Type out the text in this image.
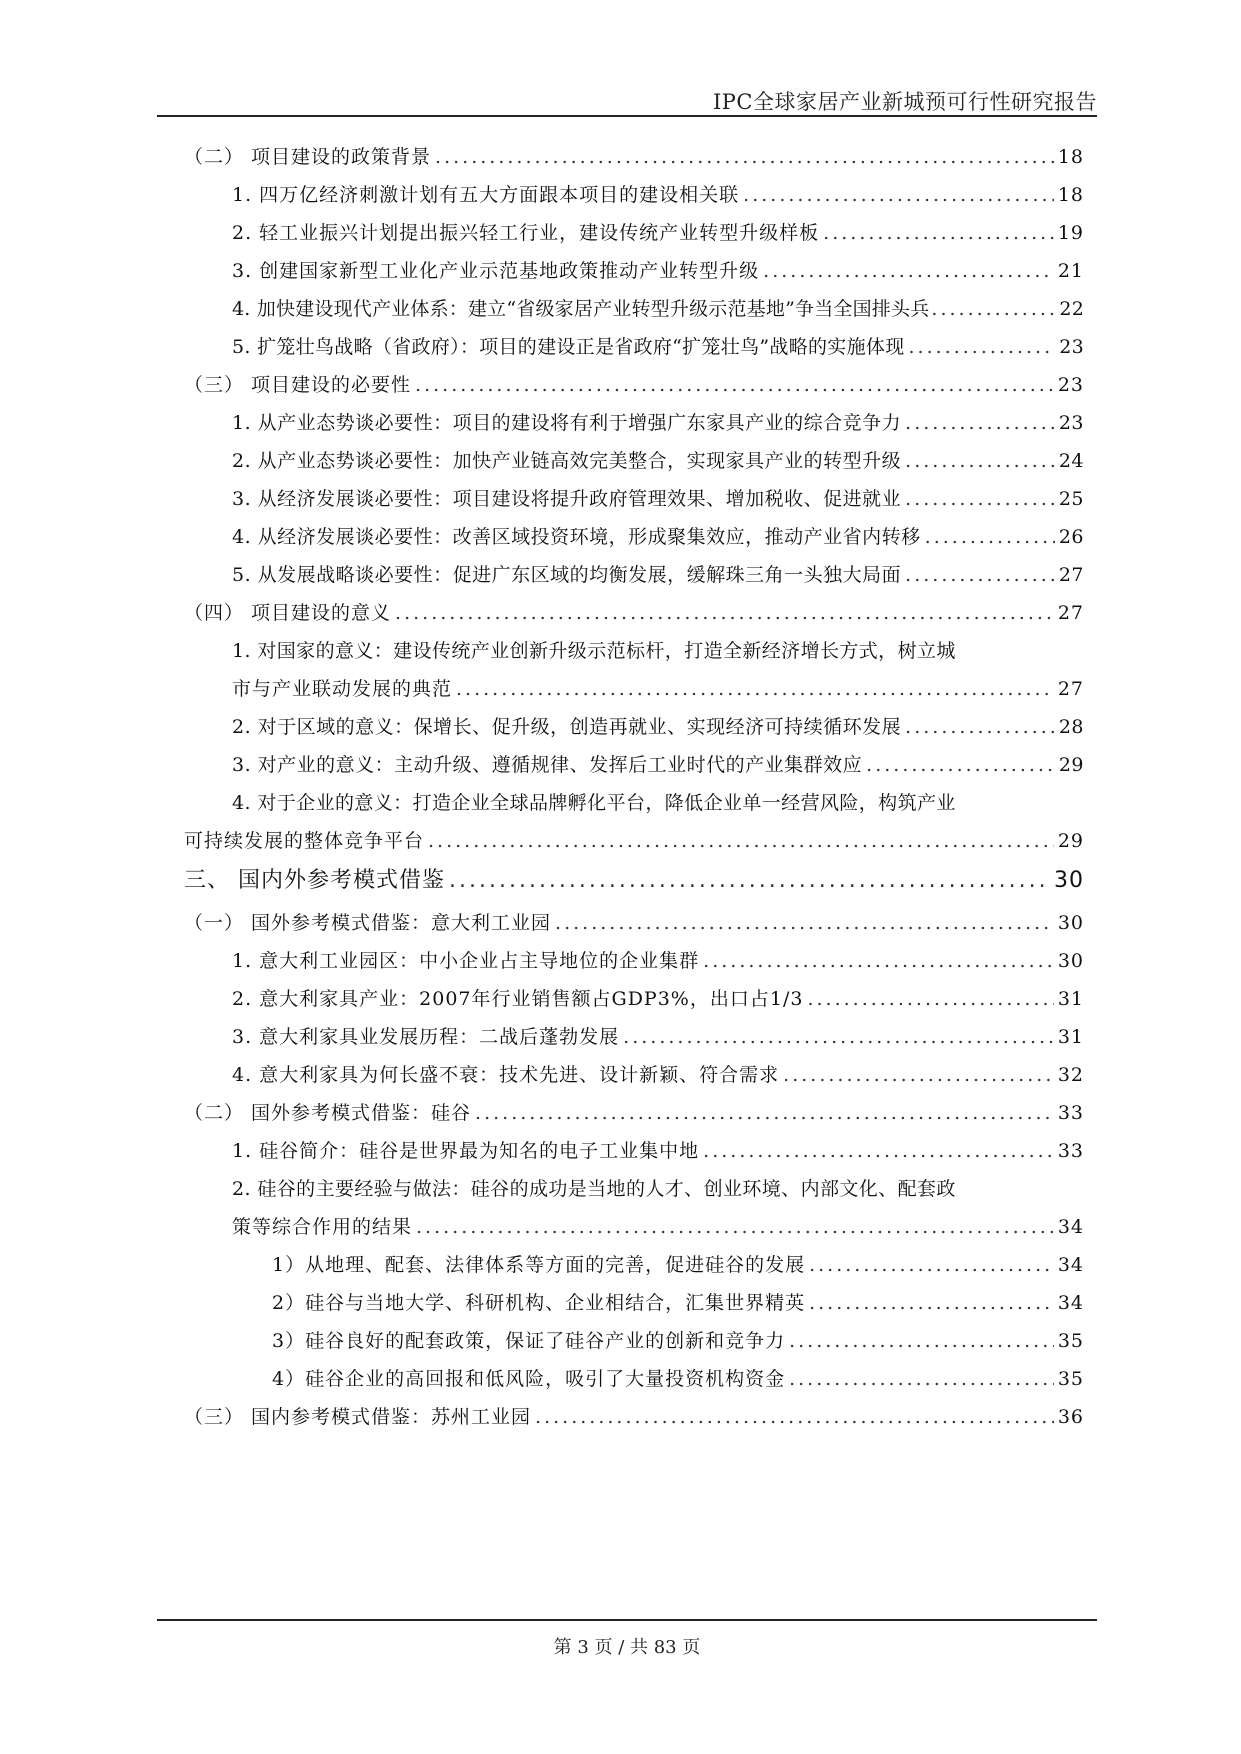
IPC全球家居产业新城预可行性研究报告
（二） 项目建设的政策背景 .....	18
1. 四万亿经济刺激计划有五大方面跟本项目的建设相关联 .....	18
2. 轻工业振兴计划提出振兴轻工行业，建设传统产业转型升级样板 .....	19
3. 创建国家新型工业化产业示范基地政策推动产业转型升级 .....	21
4. 加快建设现代产业体系：建立“省级家居产业转型升级示范基地”争当全国排头兵 .....	22
5. 扩笼壮鸟战略（省政府）：项目的建设正是省政府“扩笼壮鸟”战略的实施体现 .....	23
（三） 项目建设的必要性 .....	23
1. 从产业态势谈必要性：项目的建设将有利于增强广东家具产业的综合竞争力 .....	23
2. 从产业态势谈必要性：加快产业链高效完美整合，实现家具产业的转型升级 .....	24
3. 从经济发展谈必要性：项目建设将提升政府管理效果、增加税收、促进就业 .....	25
4. 从经济发展谈必要性：改善区域投资环境，形成聚集效应，推动产业省内转移 .....	26
5. 从发展战略谈必要性：促进广东区域的均衡发展，缓解珠三角一头独大局面 .....	27
（四） 项目建设的意义 .....	27
1. 对国家的意义：建设传统产业创新升级示范标杆，打造全新经济增长方式，树立城
市与产业联动发展的典范 .....	27
2. 对于区域的意义：保增长、促升级，创造再就业、实现经济可持续循环发展 .....	28
3. 对产业的意义：主动升级、遵循规律、发挥后工业时代的产业集群效应 .....	29
4. 对于企业的意义：打造企业全球品牌孵化平台，降低企业单一经营风险，构筑产业
可持续发展的整体竞争平台 .....	29
三、 国内外参考模式借鉴 .....	30
（一） 国外参考模式借鉴：意大利工业园 .....	30
1. 意大利工业园区：中小企业占主导地位的企业集群 .....	30
2. 意大利家具产业：2007年行业销售额占GDP3%，出口占1/3 .....	31
3. 意大利家具业发展历程：二战后蓬勃发展 .....	31
4. 意大利家具为何长盛不衰：技术先进、设计新颖、符合需求 .....	32
（二） 国外参考模式借鉴：硅谷 .....	33
1. 硅谷简介：硅谷是世界最为知名的电子工业集中地 .....	33
2. 硅谷的主要经验与做法：硅谷的成功是当地的人才、创业环境、内部文化、配套政
策等综合作用的结果 .....	34
1）从地理、配套、法律体系等方面的完善，促进硅谷的发展 .....	34
2）硅谷与当地大学、科研机构、企业相结合，汇集世界精英 .....	34
3）硅谷良好的配套政策，保证了硅谷产业的创新和竞争力 .....	35
4）硅谷企业的高回报和低风险，吸引了大量投资机构资金 .....	35
（三） 国内参考模式借鉴：苏州工业园 .....	36
第 3 页 / 共 83 页
